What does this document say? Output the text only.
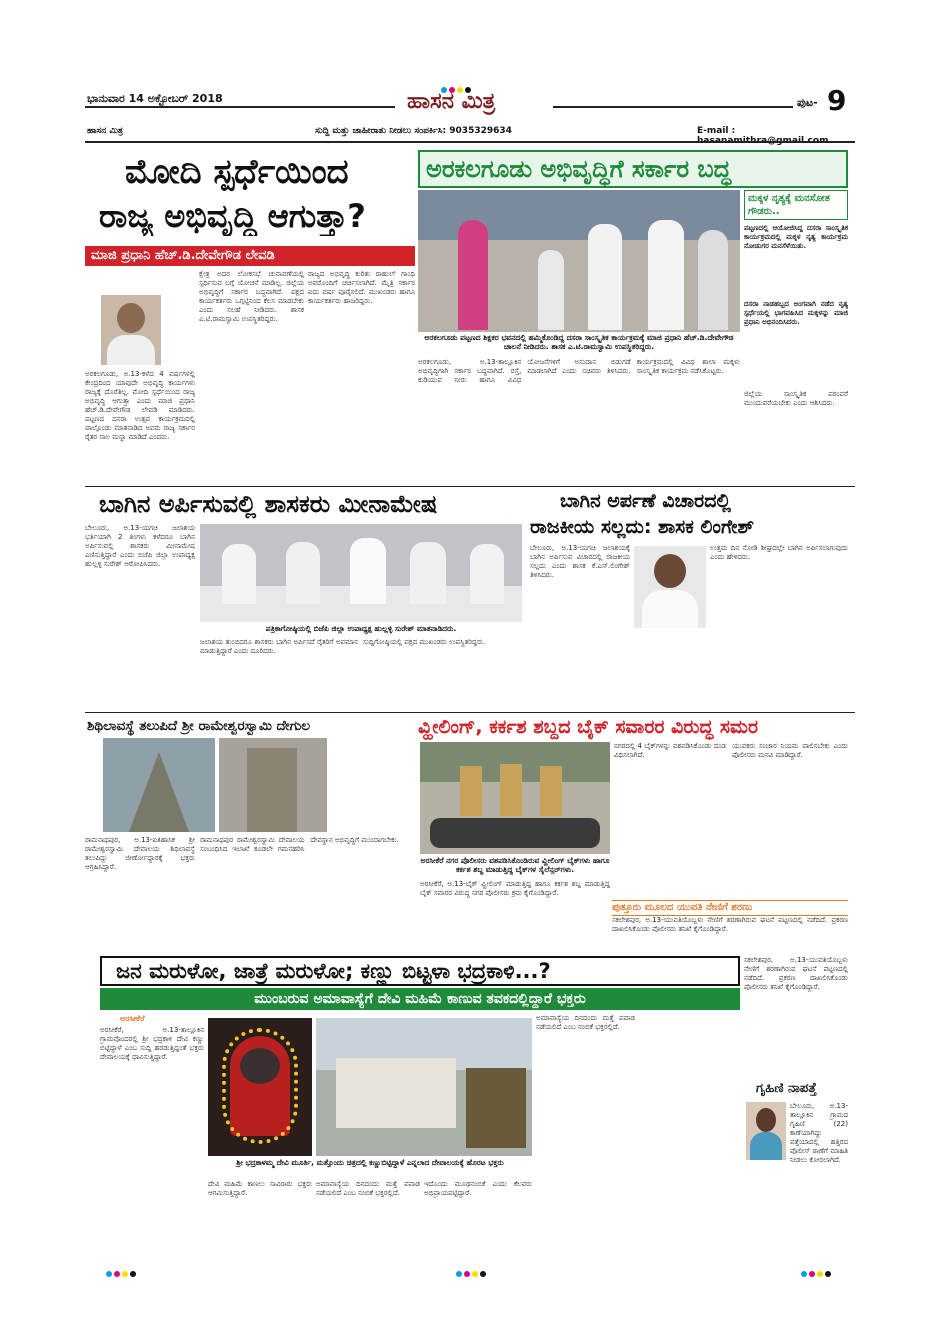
ಭಾನುವಾರ 14 ಅಕ್ಟೋಬರ್ 2018	ಹಾಸನ ಮಿತ್ರ	ಪುಟ- 9
ಹಾಸನ ಮಿತ್ರ	ಸುದ್ದಿ ಮತ್ತು ಜಾಹೀರಾತು ನೀಡಲು ಸಂಪರ್ಕಿಸಿ: 9035329634	E-mail :
ಮೋದಿ ಸ್ಪರ್ಧೆಯಿಂದ
ರಾಜ್ಯ ಅಭಿವೃದ್ಧಿ ಆಗುತ್ತಾ?
ಮಾಜಿ ಪ್ರಧಾನಿ ಹೆಚ್.ಡಿ.ದೇವೇಗೌಡ ಲೇವಡಿ
ಅರಕಲಗೂಡು, ಅ.13-ಕಳೆದ 4 ವರ್ಷಗಳಲ್ಲಿ ಕೇಂದ್ರದಿಂದ ಯಾವುದೇ ಅಭಿವೃದ್ಧಿ ಕಾರ್ಯಗಳು ರಾಜ್ಯಕ್ಕೆ ದೊರೆತಿಲ್ಲ. ಮೋದಿ ಸ್ಪರ್ಧೆಯಿಂದ ರಾಜ್ಯ ಅಭಿವೃದ್ಧಿ ಆಗುತ್ತಾ ಎಂದು ಮಾಜಿ ಪ್ರಧಾನಿ ಹೆಚ್.ಡಿ.ದೇವೇಗೌಡ ಲೇವಡಿ ಮಾಡಿದರು. ಪಟ್ಟಣದ ದಸರಾ ಉತ್ಸವ ಕಾರ್ಯಕ್ರಮದಲ್ಲಿ ಪಾಲ್ಗೊಂಡು ಮಾತನಾಡಿದ ಅವರು ರಾಜ್ಯ ಸರ್ಕಾರ ರೈತರ ಸಾಲ ಮನ್ನಾ ಮಾಡಿದೆ ಎಂದರು.
ಕ್ಷೇತ್ರ ಅದರ ಲೋಕಸಭೆ ಚುನಾವಣೆಯಲ್ಲಿ ಸ್ಪರ್ಧಿಸುವ ಬಗ್ಗೆ ಯೋಚನೆ ಮಾಡಿಲ್ಲ. ಜಿಲ್ಲೆಯ ಅಭಿವೃದ್ಧಿಗೆ ಸರ್ಕಾರ ಬದ್ಧವಾಗಿದೆ. ಪಕ್ಷದ ಕಾರ್ಯಕರ್ತರು ಒಗ್ಗಟ್ಟಿನಿಂದ ಕೆಲಸ ಮಾಡಬೇಕು ಎಂದು ಸಲಹೆ ನೀಡಿದರು. ಶಾಸಕ ಎ.ಟಿ.ರಾಮಸ್ವಾಮಿ ಉಪಸ್ಥಿತರಿದ್ದರು.
ರಾಜ್ಯದ ಅಭಿವೃದ್ಧಿ ಕುರಿತು ರಾಹುಲ್ ಗಾಂಧಿ ಅವರೊಂದಿಗೆ ಚರ್ಚಿಸಲಾಗಿದೆ. ಮೈತ್ರಿ ಸರ್ಕಾರ ಐದು ವರ್ಷ ಪೂರೈಸಲಿದೆ. ಮುಖಂಡರು ಹಾಗೂ ಕಾರ್ಯಕರ್ತರು ಹಾಜರಿದ್ದರು.
ಅರಕಲಗೂಡು ಅಭಿವೃದ್ಧಿಗೆ ಸರ್ಕಾರ ಬದ್ಧ
ಅರಕಲಗೂಡು ಪಟ್ಟಣದ ಶಿಕ್ಷಕರ ಭವನದಲ್ಲಿ ಹಮ್ಮಿಕೊಂಡಿದ್ದ ದಸರಾ ಸಾಂಸ್ಕೃತಿಕ ಕಾರ್ಯಕ್ರಮಕ್ಕೆ ಮಾಜಿ ಪ್ರಧಾನಿ ಹೆಚ್.ಡಿ.ದೇವೇಗೌಡ ಚಾಲನೆ ನೀಡಿದರು. ಶಾಸಕ ಎ.ಟಿ.ರಾಮಸ್ವಾಮಿ ಉಪಸ್ಥಿತರಿದ್ದರು.
ಅರಕಲಗೂಡು, ಅ.13-ತಾಲ್ಲೂಕಿನ ಅಭಿವೃದ್ಧಿಗಾಗಿ ಸರ್ಕಾರ ಬದ್ಧವಾಗಿದೆ. ರಸ್ತೆ, ಕುಡಿಯುವ ನೀರು ಹಾಗೂ ವಿವಿಧ ಯೋಜನೆಗಳಿಗೆ ಅನುದಾನ ಬಿಡುಗಡೆ ಮಾಡಲಾಗಿದೆ ಎಂದು ಸಚಿವರು ತಿಳಿಸಿದರು. ಕಾರ್ಯಕ್ರಮದಲ್ಲಿ ವಿವಿಧ ಶಾಲಾ ಮಕ್ಕಳು ಸಾಂಸ್ಕೃತಿಕ ಕಾರ್ಯಕ್ರಮ ನಡೆಸಿಕೊಟ್ಟರು.
ಮಕ್ಕಳ ನೃತ್ಯಕ್ಕೆ ಮನಸೋತ ಗೌಡರು..
ಪಟ್ಟಣದಲ್ಲಿ ಆಯೋಜಿಸಿದ್ದ ದಸರಾ ಸಾಂಸ್ಕೃತಿಕ ಕಾರ್ಯಕ್ರಮದಲ್ಲಿ ಮಕ್ಕಳ ನೃತ್ಯ ಕಾರ್ಯಕ್ರಮ ನೋಡುಗರ ಮನಸೆಳೆಯಿತು.
ದಸರಾ ನಾಡಹಬ್ಬದ ಅಂಗವಾಗಿ ನಡೆದ ನೃತ್ಯ ಸ್ಪರ್ಧೆಯಲ್ಲಿ ಭಾಗವಹಿಸಿದ ಮಕ್ಕಳನ್ನು ಮಾಜಿ ಪ್ರಧಾನಿ ಅಭಿನಂದಿಸಿದರು.
ಜಿಲ್ಲೆಯ ಸಾಂಸ್ಕೃತಿಕ ಪರಂಪರೆ ಮುಂದುವರೆಯಬೇಕು ಎಂದು ಆಶಿಸಿದರು.
ಬಾಗಿನ ಅರ್ಪಿಸುವಲ್ಲಿ ಶಾಸಕರು ಮೀನಾಮೇಷ
ಬೇಲೂರು, ಅ.13-ಯಗಚಿ ಜಲಾಶಯ ಭರ್ತಿಯಾಗಿ 2 ತಿಂಗಳು ಕಳೆದರೂ ಬಾಗಿನ ಅರ್ಪಿಸುವಲ್ಲಿ ಶಾಸಕರು ಮೀನಾಮೇಷ ಎಣಿಸುತ್ತಿದ್ದಾರೆ ಎಂದು ಬಿಜೆಪಿ ಜಿಲ್ಲಾ ಉಪಾಧ್ಯಕ್ಷ ಹುಲ್ಲಳ್ಳಿ ಸುರೇಶ್ ಆರೋಪಿಸಿದರು.
ಪತ್ರಿಕಾಗೋಷ್ಠಿಯಲ್ಲಿ ಬಿಜೆಪಿ ಜಿಲ್ಲಾ ಉಪಾಧ್ಯಕ್ಷ ಹುಲ್ಲಳ್ಳಿ ಸುರೇಶ್ ಮಾತನಾಡಿದರು.
ಜಲಾಶಯ ತುಂಬಿದರೂ ಶಾಸಕರು ಬಾಗಿನ ಅರ್ಪಿಸದೆ ರೈತರಿಗೆ ಅಪಮಾನ ಮಾಡುತ್ತಿದ್ದಾರೆ ಎಂದು ದೂರಿದರು.
ಸುದ್ದಿಗೋಷ್ಠಿಯಲ್ಲಿ ಪಕ್ಷದ ಮುಖಂಡರು ಉಪಸ್ಥಿತರಿದ್ದರು.
ಬಾಗಿನ ಅರ್ಪಣೆ ವಿಚಾರದಲ್ಲಿ
ರಾಜಕೀಯ ಸಲ್ಲದು: ಶಾಸಕ ಲಿಂಗೇಶ್
ಬೇಲೂರು, ಅ.13-ಯಗಚಿ ಜಲಾಶಯಕ್ಕೆ ಬಾಗಿನ ಅರ್ಪಿಸುವ ವಿಚಾರದಲ್ಲಿ ರಾಜಕೀಯ ಸಲ್ಲದು ಎಂದು ಶಾಸಕ ಕೆ.ಎಸ್.ಲಿಂಗೇಶ್ ತಿಳಿಸಿದರು.
ಉತ್ತಮ ದಿನ ನೋಡಿ ಶೀಘ್ರದಲ್ಲೇ ಬಾಗಿನ ಅರ್ಪಿಸಲಾಗುವುದು ಎಂದು ಹೇಳಿದರು.
ಶಿಥಿಲಾವಸ್ಥೆ ತಲುಪಿದೆ ಶ್ರೀ ರಾಮೇಶ್ವರಸ್ವಾಮಿ ದೇಗುಲ
ರಾಮನಾಥಪುರ, ಅ.13-ಐತಿಹಾಸಿಕ ಶ್ರೀ ರಾಮೇಶ್ವರಸ್ವಾಮಿ ದೇವಾಲಯ ಶಿಥಿಲಾವಸ್ಥೆ ತಲುಪಿದ್ದು ಜೀರ್ಣೋದ್ಧಾರಕ್ಕೆ ಭಕ್ತರು ಆಗ್ರಹಿಸಿದ್ದಾರೆ.
ರಾಮನಾಥಪುರ ರಾಮೇಶ್ವರಸ್ವಾಮಿ ದೇವಾಲಯ ಸಂಬಂಧಿಸಿದ ಇಲಾಖೆ ಕೂಡಲೇ ಗಮನಹರಿಸಿ ದೇವಸ್ಥಾನ ಅಭಿವೃದ್ಧಿಗೆ ಮುಂದಾಗಬೇಕು.
ವ್ಹೀಲಿಂಗ್, ಕರ್ಕಶ ಶಬ್ದದ ಬೈಕ್ ಸವಾರರ ವಿರುದ್ಧ ಸಮರ
ಅರಸೀಕೆರೆ ನಗರ ಪೊಲೀಸರು ವಶಪಡಿಸಿಕೊಂಡಿರುವ ವ್ಹೀಲಿಂಗ್ ಬೈಕ್‌ಗಳು ಹಾಗೂ ಕರ್ಕಶ ಶಬ್ದ ಮಾಡುತ್ತಿದ್ದ ಬೈಕ್‌ಗಳ ಸೈಲೆನ್ಸರ್‌ಗಳು.
ಅರಸೀಕೆರೆ, ಅ.13-ಬೈಕ್ ವ್ಹೀಲಿಂಗ್ ಮಾಡುತ್ತಿದ್ದ ಹಾಗೂ ಕರ್ಕಶ ಶಬ್ದ ಮಾಡುತ್ತಿದ್ದ ಬೈಕ್ ಸವಾರರ ವಿರುದ್ಧ ನಗರ ಪೊಲೀಸರು ಕ್ರಮ ಕೈಗೊಂಡಿದ್ದಾರೆ.
ನಗರದಲ್ಲಿ 4 ಬೈಕ್‌ಗಳನ್ನು ವಶಪಡಿಸಿಕೊಂಡು ದಂಡ ವಿಧಿಸಲಾಗಿದೆ.
ಯುವಕರು ಸಂಚಾರ ನಿಯಮ ಪಾಲಿಸಬೇಕು ಎಂದು ಪೊಲೀಸರು ಮನವಿ ಮಾಡಿದ್ದಾರೆ.
ಪುತ್ತೂರು ಮೂಲದ ಯುವತಿ ನೇಣಿಗೆ ಶರಣು
ಸಕಲೇಶಪುರ, ಅ.13-ಯುವತಿಯೊಬ್ಬಳು ನೇಣಿಗೆ ಶರಣಾಗಿರುವ ಘಟನೆ ಪಟ್ಟಣದಲ್ಲಿ ನಡೆದಿದೆ. ಪ್ರಕರಣ ದಾಖಲಿಸಿಕೊಂಡು ಪೊಲೀಸರು ತನಿಖೆ ಕೈಗೊಂಡಿದ್ದಾರೆ.
ಜನ ಮರುಳೋ, ಜಾತ್ರೆ ಮರುಳೋ; ಕಣ್ಣು ಬಿಟ್ಟಳಾ ಭದ್ರಕಾಳಿ...?
ಮುಂಬರುವ ಅಮಾವಾಸ್ಯೆಗೆ ದೇವಿ ಮಹಿಮೆ ಕಾಣುವ ತವಕದಲ್ಲಿದ್ದಾರೆ ಭಕ್ತರು
ಅರಸೀಕೆರೆ
ಅರಸೀಕೆರೆ, ಅ.13-ತಾಲ್ಲೂಕಿನ ಗ್ರಾಮವೊಂದರಲ್ಲಿ ಶ್ರೀ ಭದ್ರಕಾಳಿ ದೇವಿ ಕಣ್ಣು ಬಿಟ್ಟಿದ್ದಾಳೆ ಎಂಬ ಸುದ್ದಿ ಹರಡುತ್ತಿದ್ದಂತೆ ಭಕ್ತರು ದೇವಾಲಯಕ್ಕೆ ಧಾವಿಸುತ್ತಿದ್ದಾರೆ.
ಶ್ರೀ ಭದ್ರಕಾಳಮ್ಮ ದೇವಿ ಮೂರ್ತಿ, ಮತ್ತೊಂದು ಚಿತ್ರದಲ್ಲಿ ಕಣ್ಣುಬಿಟ್ಟಿದ್ದಾಳೆ ಎನ್ನಲಾದ ದೇವಾಲಯಕ್ಕೆ ಹೊರಟ ಭಕ್ತರು
ದೇವಿ ಮಹಿಮೆ ಕಾಣಲು ಸಾವಿರಾರು ಭಕ್ತರು ಆಗಮಿಸುತ್ತಿದ್ದಾರೆ.
ಅಮಾವಾಸ್ಯೆಯ ದಿನದಂದು ಮತ್ತೆ ಪವಾಡ ನಡೆಯಲಿದೆ ಎಂಬ ನಂಬಿಕೆ ಭಕ್ತರಲ್ಲಿದೆ.
ಇದೊಂದು ಮೂಢನಂಬಿಕೆ ಎಂದು ಕೆಲವರು ಅಭಿಪ್ರಾಯಪಟ್ಟಿದ್ದಾರೆ.
ಅಮಾವಾಸ್ಯೆಯ ದಿನದಂದು ಮತ್ತೆ ಪವಾಡ ನಡೆಯಲಿದೆ ಎಂಬ ನಂಬಿಕೆ ಭಕ್ತರಲ್ಲಿದೆ.
ಸಕಲೇಶಪುರ, ಅ.13-ಯುವತಿಯೊಬ್ಬಳು ನೇಣಿಗೆ ಶರಣಾಗಿರುವ ಘಟನೆ ಪಟ್ಟಣದಲ್ಲಿ ನಡೆದಿದೆ. ಪ್ರಕರಣ ದಾಖಲಿಸಿಕೊಂಡು ಪೊಲೀಸರು ತನಿಖೆ ಕೈಗೊಂಡಿದ್ದಾರೆ.
ಗೃಹಿಣಿ ನಾಪತ್ತೆ
ಬೇಲೂರು, ಅ.13-ತಾಲ್ಲೂಕಿನ ಗ್ರಾಮದ ಗೃಹಿಣಿ (22) ಕಾಣೆಯಾಗಿದ್ದು ಪತ್ತೆಯಾದಲ್ಲಿ ಹತ್ತಿರದ ಪೊಲೀಸ್ ಠಾಣೆಗೆ ಮಾಹಿತಿ ನೀಡಲು ಕೋರಲಾಗಿದೆ.
